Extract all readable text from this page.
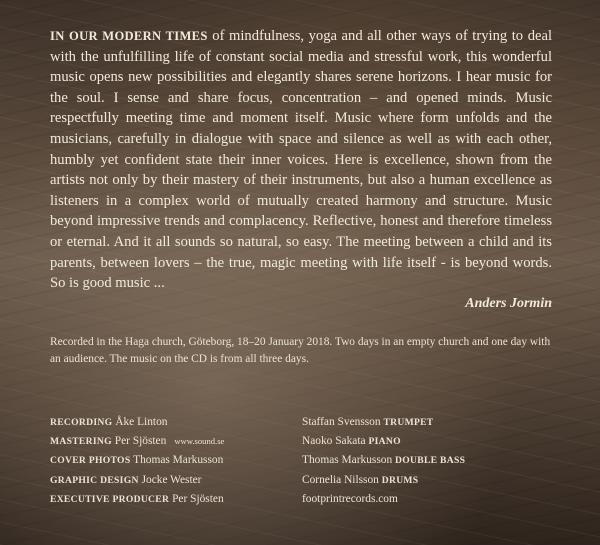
IN OUR MODERN TIMES of mindfulness, yoga and all other ways of trying to deal with the unfulfilling life of constant social media and stressful work, this wonderful music opens new possibilities and elegantly shares serene horizons. I hear music for the soul. I sense and share focus, concentration – and opened minds. Music respectfully meeting time and moment itself. Music where form unfolds and the musicians, carefully in dialogue with space and silence as well as with each other, humbly yet confident state their inner voices. Here is excellence, shown from the artists not only by their mastery of their instruments, but also a human excellence as listeners in a complex world of mutually created harmony and structure. Music beyond impressive trends and complacency. Reflective, honest and therefore timeless or eternal. And it all sounds so natural, so easy. The meeting between a child and its parents, between lovers – the true, magic meeting with life itself - is beyond words. So is good music ...

Anders Jormin

Recorded in the Haga church, Göteborg, 18–20 January 2018. Two days in an empty church and one day with an audience. The music on the CD is from all three days.

RECORDING Åke Linton
MASTERING Per Sjösten www.sound.se
COVER PHOTOS Thomas Markusson
GRAPHIC DESIGN Jocke Wester
EXECUTIVE PRODUCER Per Sjösten
Staffan Svensson TRUMPET
Naoko Sakata PIANO
Thomas Markusson DOUBLE BASS
Cornelia Nilsson DRUMS
footprintrecords.com
